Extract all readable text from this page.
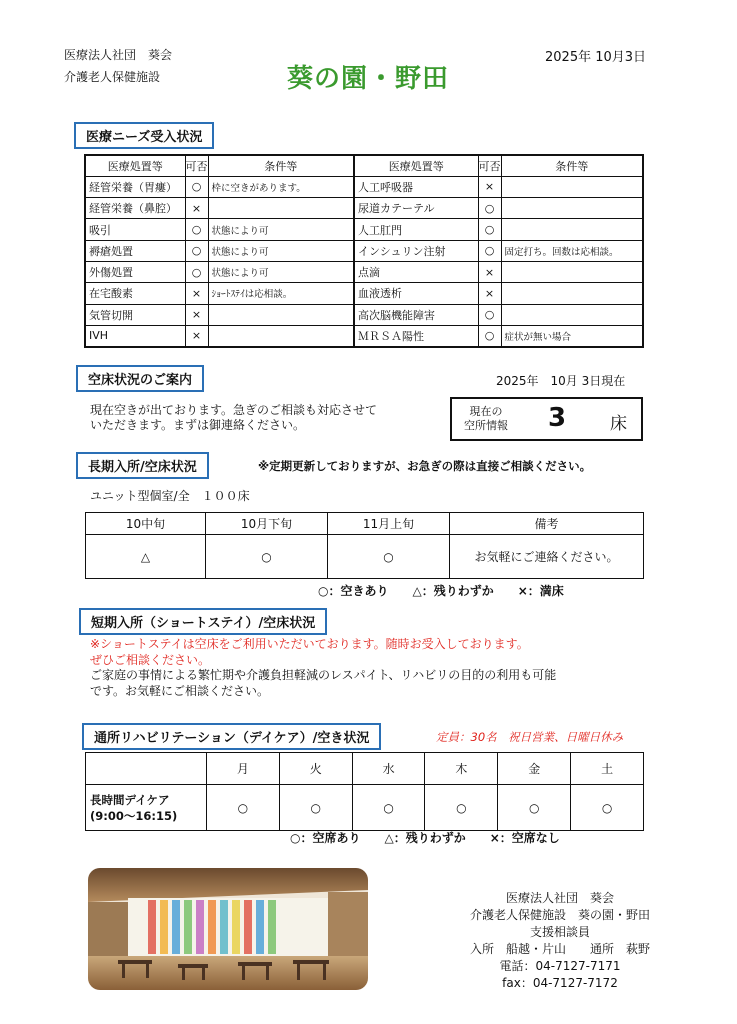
医療法人社団　葵会
介護老人保健施設	葵の園・野田
2025年 10月3日
医療ニーズ受入状況
医療処置等	可否	条件等	医療処置等	可否	条件等
経管栄養（胃瘻）	○	枠に空きがあります。	人工呼吸器	×	
経管栄養（鼻腔）	×		尿道カテーテル	○	
吸引	○	状態により可	人工肛門	○	
褥瘡処置	○	状態により可	インシュリン注射	○	固定打ち。回数は応相談。
外傷処置	○	状態により可	点滴	×	
在宅酸素	×	ｼｮｰﾄｽﾃｲは応相談。	血液透析	×	
気管切開	×		高次脳機能障害	○	
IVH	×		ＭＲＳＡ陽性	○	症状が無い場合
空床状況のご案内	2025年　10月 3日現在
現在空きが出ております。急ぎのご相談も対応させて
いただきます。まずは御連絡ください。
現在の
空所情報 3	床
長期入所/空床状況	※定期更新しておりますが、お急ぎの際は直接ご相談ください。
ユニット型個室/全　１００床
10中旬	10月下旬	11月上旬	備考
△	○	○	お気軽にご連絡ください。
○：空きあり　　△：残りわずか　　×：満床
短期入所（ショートステイ）/空床状況
※ショートステイは空床をご利用いただいております。随時お受入しております。
ぜひご相談ください。
ご家庭の事情による繁忙期や介護負担軽減のレスパイト、リハビリの目的の利用も可能
です。お気軽にご相談ください。
通所リハビリテーション（デイケア）/空き状況	定員：30名　祝日営業、日曜日休み
	月	火	水	木	金	土

長時間デイケア
(9:00〜16:15)	○	○	○	○	○	○
○：空席あり　　△：残りわずか　　×：空席なし
医療法人社団　葵会
介護老人保健施設　葵の園・野田
支援相談員
入所　船越・片山　　通所　萩野
電話：04-7127-7171
fax：04-7127-7172
